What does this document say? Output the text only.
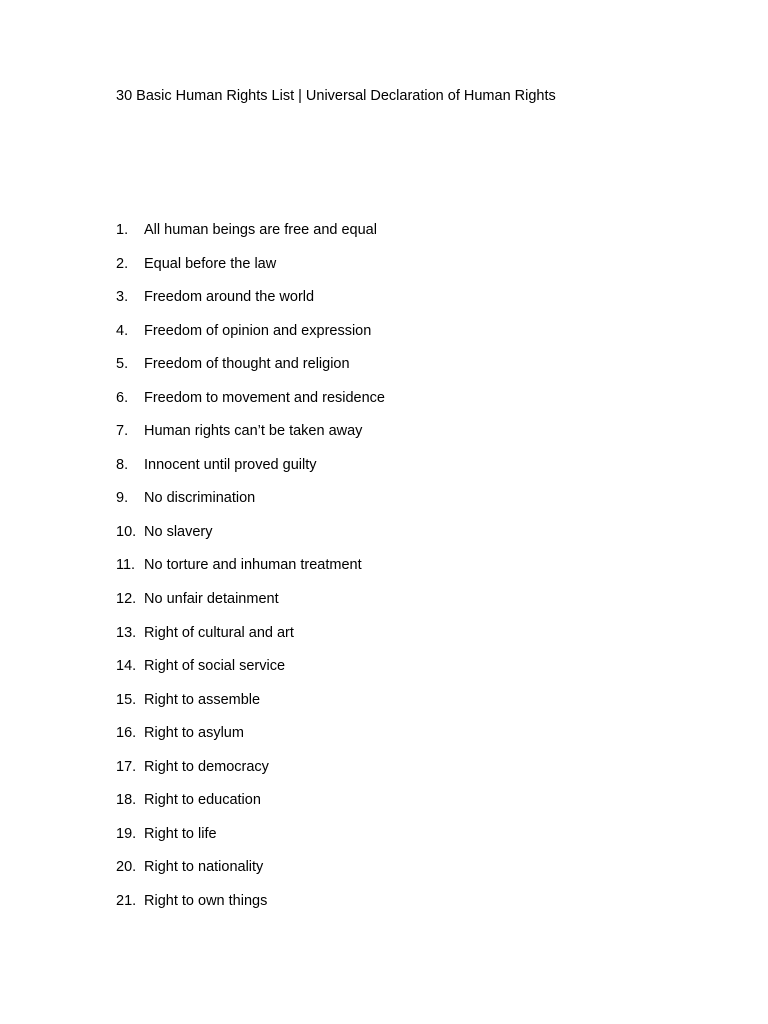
30 Basic Human Rights List | Universal Declaration of Human Rights
1.	All human beings are free and equal
2.	Equal before the law
3.	Freedom around the world
4.	Freedom of opinion and expression
5.	Freedom of thought and religion
6.	Freedom to movement and residence
7.	Human rights can’t be taken away
8.	Innocent until proved guilty
9.	No discrimination
10. No slavery
11. No torture and inhuman treatment
12. No unfair detainment
13. Right of cultural and art
14. Right of social service
15. Right to assemble
16. Right to asylum
17. Right to democracy
18. Right to education
19. Right to life
20. Right to nationality
21. Right to own things
